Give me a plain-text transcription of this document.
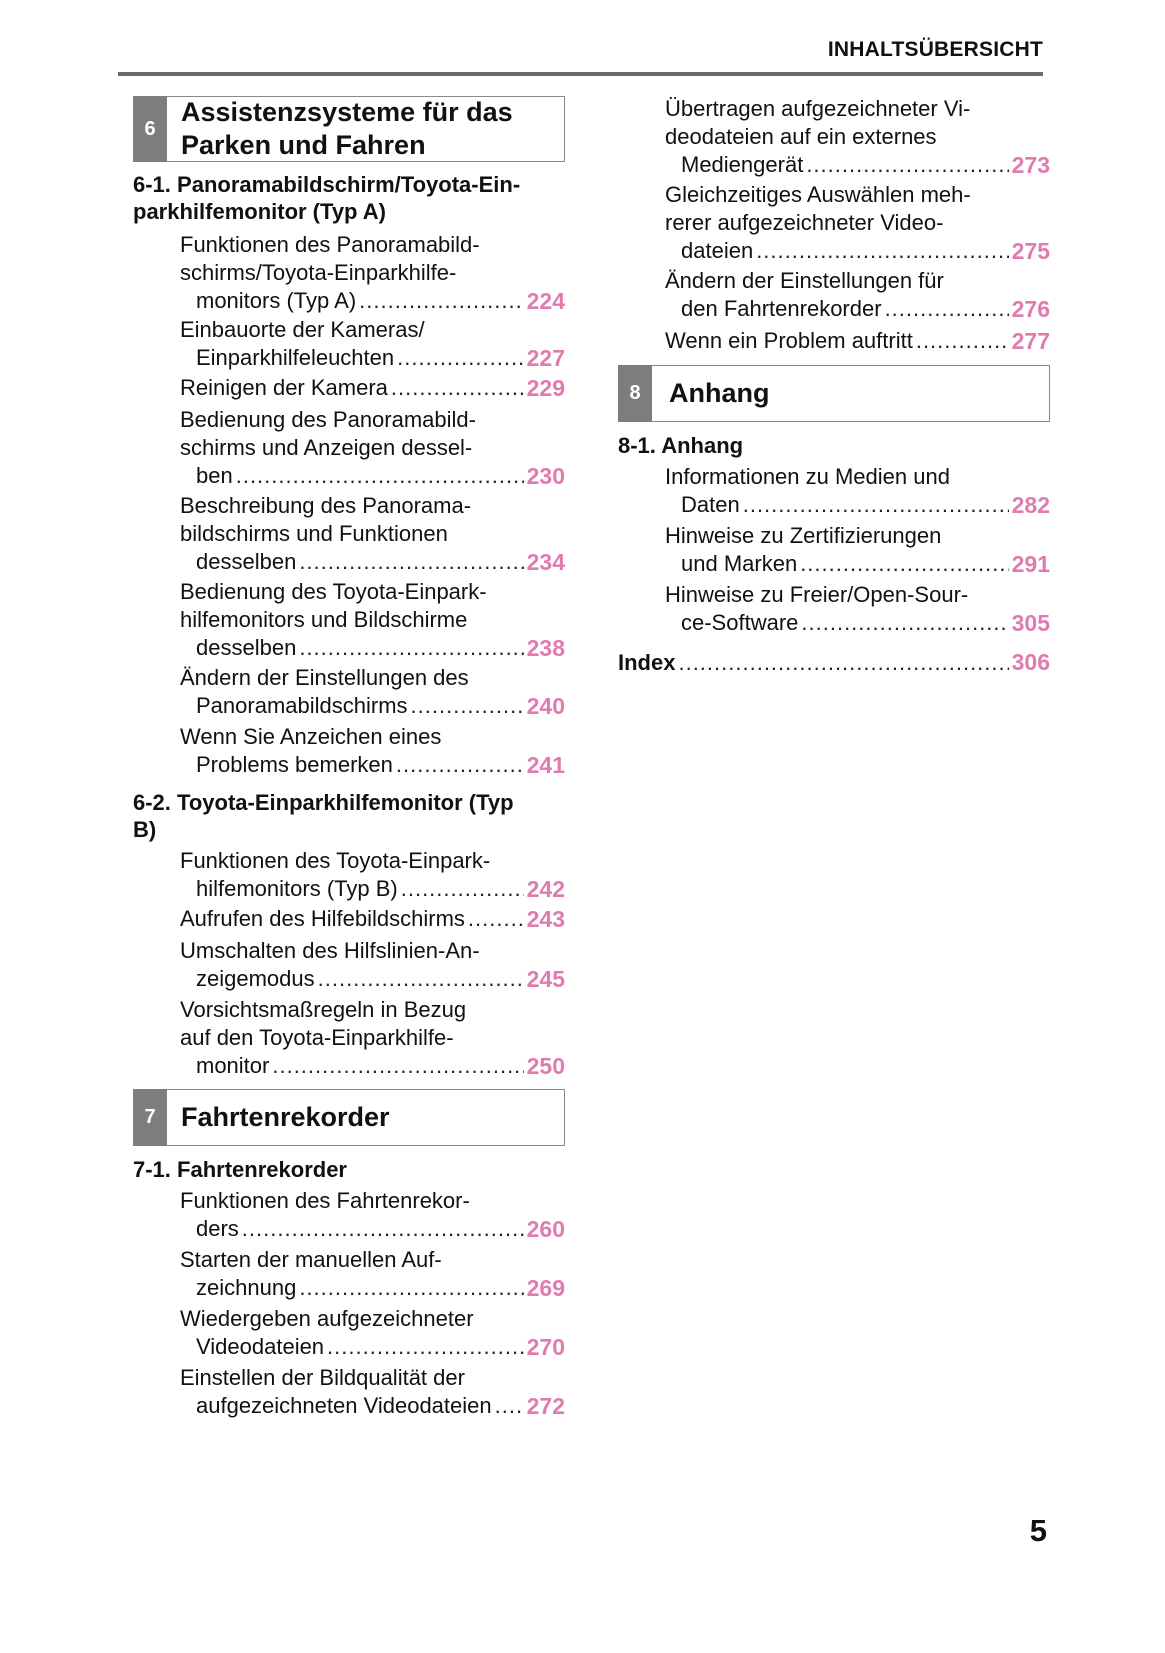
INHALTSÜBERSICHT
6
Assistenzsysteme für das
Parken und Fahren
6-1. Panoramabildschirm/Toyota-Ein-
parkhilfemonitor (Typ A)
Funktionen des Panoramabild-
schirms/Toyota-Einparkhilfe-
monitors (Typ A) .....	224
Einbauorte der Kameras/
Einparkhilfeleuchten .....	227
Reinigen der Kamera .....	229
Bedienung des Panoramabild-
schirms und Anzeigen dessel-
ben .....	230
Beschreibung des Panorama-
bildschirms und Funktionen
desselben .....	234
Bedienung des Toyota-Einpark-
hilfemonitors und Bildschirme
desselben .....	238
Ändern der Einstellungen des
Panoramabildschirms .....	240
Wenn Sie Anzeichen eines
Problems bemerken .....	241
6-2. Toyota-Einparkhilfemonitor (Typ
B)
Funktionen des Toyota-Einpark-
hilfemonitors (Typ B) .....	242
Aufrufen des Hilfebildschirms .....	243
Umschalten des Hilfslinien-An-
zeigemodus .....	245
Vorsichtsmaßregeln in Bezug
auf den Toyota-Einparkhilfe-
monitor .....	250
7 Fahrtenrekorder
7-1. Fahrtenrekorder
Funktionen des Fahrtenrekor-
ders .....	260
Starten der manuellen Auf-
zeichnung .....	269
Wiedergeben aufgezeichneter
Videodateien .....	270
Einstellen der Bildqualität der
aufgezeichneten Videodateien ..... 272
Übertragen aufgezeichneter Vi-
deodateien auf ein externes
Mediengerät .....	273
Gleichzeitiges Auswählen meh-
rerer aufgezeichneter Video-
dateien .....	275
Ändern der Einstellungen für
den Fahrtenrekorder .....	276
Wenn ein Problem auftritt .....	277
8	Anhang
8-1. Anhang
Informationen zu Medien und
Daten .....	282
Hinweise zu Zertifizierungen
und Marken .....	291
Hinweise zu Freier/Open-Sour-
ce-Software .....	305
Index .....	306
5
